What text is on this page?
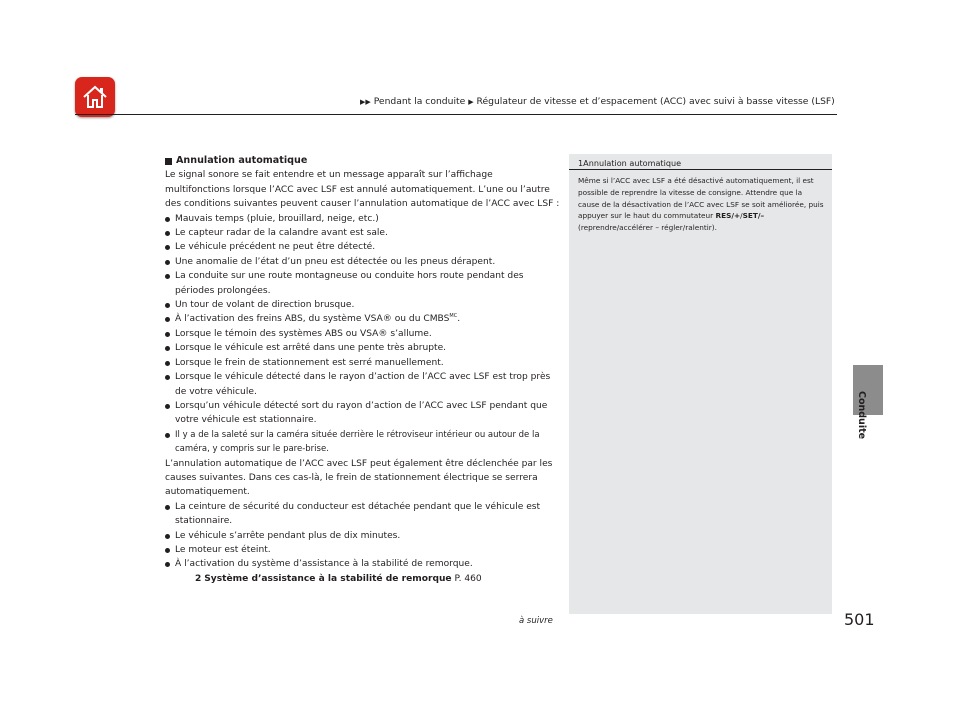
▶▶ Pendant la conduite ▶ Régulateur de vitesse et d’espacement (ACC) avec suivi à basse vitesse (LSF)
Conduite
Annulation automatique

Le signal sonore se fait entendre et un message apparaît sur l’affichage multifonctions lorsque l’ACC avec LSF est annulé automatiquement. L’une ou l’autre des conditions suivantes peuvent causer l’annulation automatique de l’ACC avec LSF :

Mauvais temps (pluie, brouillard, neige, etc.)
Le capteur radar de la calandre avant est sale.
Le véhicule précédent ne peut être détecté.
Une anomalie de l’état d’un pneu est détectée ou les pneus dérapent.
La conduite sur une route montagneuse ou conduite hors route pendant des périodes prolongées.
Un tour de volant de direction brusque.
À l’activation des freins ABS, du système VSA® ou du $CMBS^{MC}$.
Lorsque le témoin des systèmes ABS ou VSA® s’allume.
Lorsque le véhicule est arrêté dans une pente très abrupte.
Lorsque le frein de stationnement est serré manuellement.
Lorsque le véhicule détecté dans le rayon d’action de l’ACC avec LSF est trop près de votre véhicule.
Lorsqu’un véhicule détecté sort du rayon d’action de l’ACC avec LSF pendant que votre véhicule est stationnaire.
Il y a de la saleté sur la caméra située derrière le rétroviseur intérieur ou autour de la caméra, y compris sur le pare-brise.

L’annulation automatique de l’ACC avec LSF peut également être déclenchée par les causes suivantes. Dans ces cas-là, le frein de stationnement électrique se serrera automatiquement.

La ceinture de sécurité du conducteur est détachée pendant que le véhicule est stationnaire.
Le véhicule s’arrête pendant plus de dix minutes.
Le moteur est éteint.
À l’activation du système d’assistance à la stabilité de remorque.
2 Système d’assistance à la stabilité de remorque P. 460
1Annulation automatique
Même si l’ACC avec LSF a été désactivé automatiquement, il est possible de reprendre la vitesse de consigne. Attendre que la cause de la désactivation de l’ACC avec LSF se soit améliorée, puis appuyer sur le haut du commutateur RES/+/SET/– (reprendre/accélérer – régler/ralentir).
à suivre	501
